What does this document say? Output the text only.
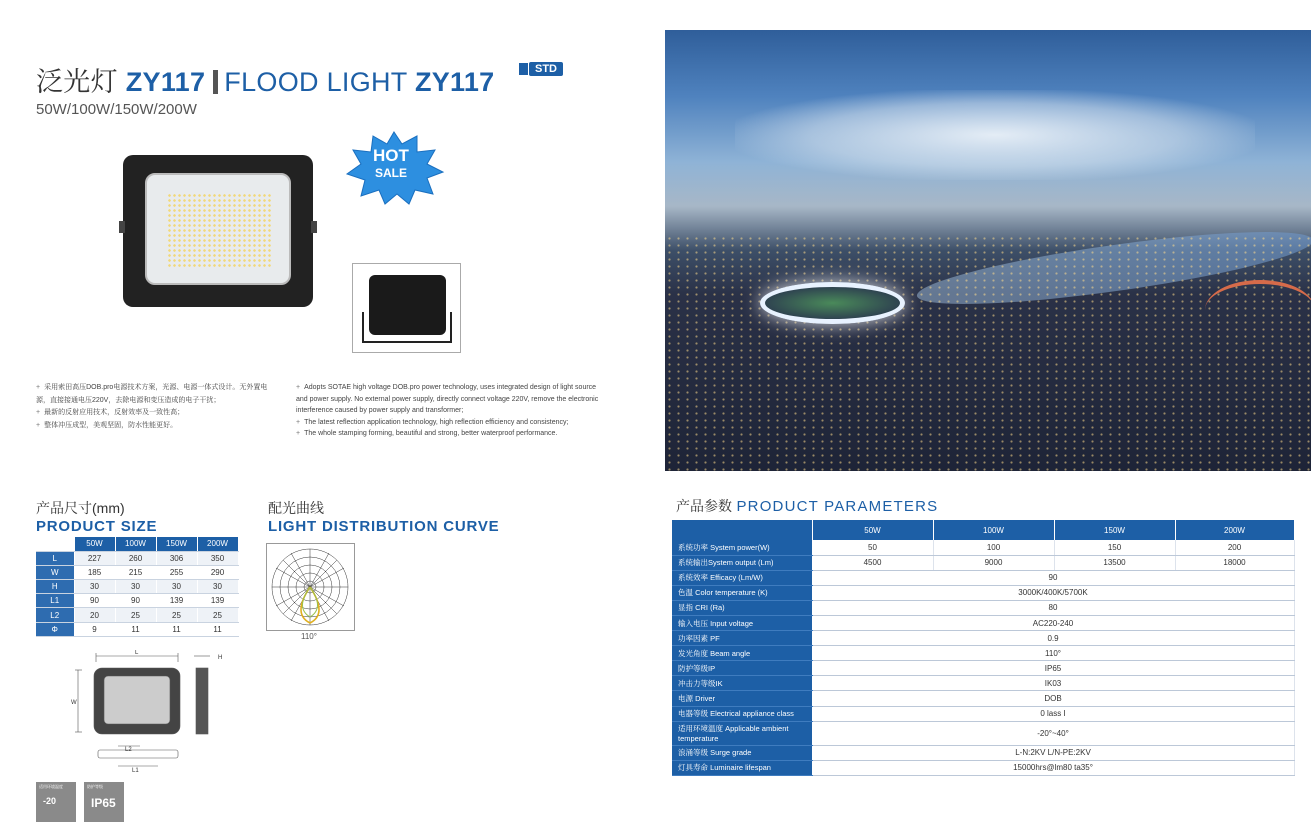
泛光灯 ZY117 FLOOD LIGHT ZY117	STD
50W/100W/150W/200W
HOT
SALE
+ 采用索田高压DOB.pro电源技术方案，光源、电源一体式设计。无外置电源，直接接通电压220V，去除电源和变压造成的电子干扰；
+ 最新的反射应用技术，反射效率及一致性高；
+ 整体冲压成型，美观坚固，防水性能更好。
+ Adopts SOTAE high voltage DOB.pro power technology, uses integrated design of light source and power supply. No external power supply, directly connect voltage 220V, remove the electronic interference caused by power supply and transformer;
+ The latest reflection application technology, high reflection efficiency and consistency;
+ The whole stamping forming, beautiful and strong, better waterproof performance.
产品尺寸(mm)
PRODUCT SIZE
	50W	100W	150W	200W
L	227	260	306	350
W	185	215	255	290
H	30	30	30	30
L1	90	90	139	139
L2	20	25	25	25
Φ	9	11	11	11
配光曲线
LIGHT DISTRIBUTION CURVE
110°
L
W
H
L2
L1
适用环境温度
-20
防护等级
IP65
产品参数 PRODUCT PARAMETERS
	50W	100W	150W	200W
系统功率 System power(W)	50	100	150	200
系统输出System output (Lm)	4500	9000	13500	18000
系统效率 Efficacy (Lm/W)	90			
色温 Color temperature (K)	3000K/400K/5700K			
显指 CRI (Ra)	80			
输入电压 Input voltage	AC220-240			
功率因素 PF	0.9			
发光角度 Beam angle	110°			
防护等级IP	IP65			
冲击力等级IK	IK03			
电源 Driver	DOB			
电器等级 Electrical appliance class	0 lass I			
适用环境温度 Applicable ambient temperature	-20°~40°			
浪涌等级 Surge grade	L-N:2KV L/N-PE:2KV			
灯具寿命 Luminaire lifespan	15000hrs@lm80 ta35°			
